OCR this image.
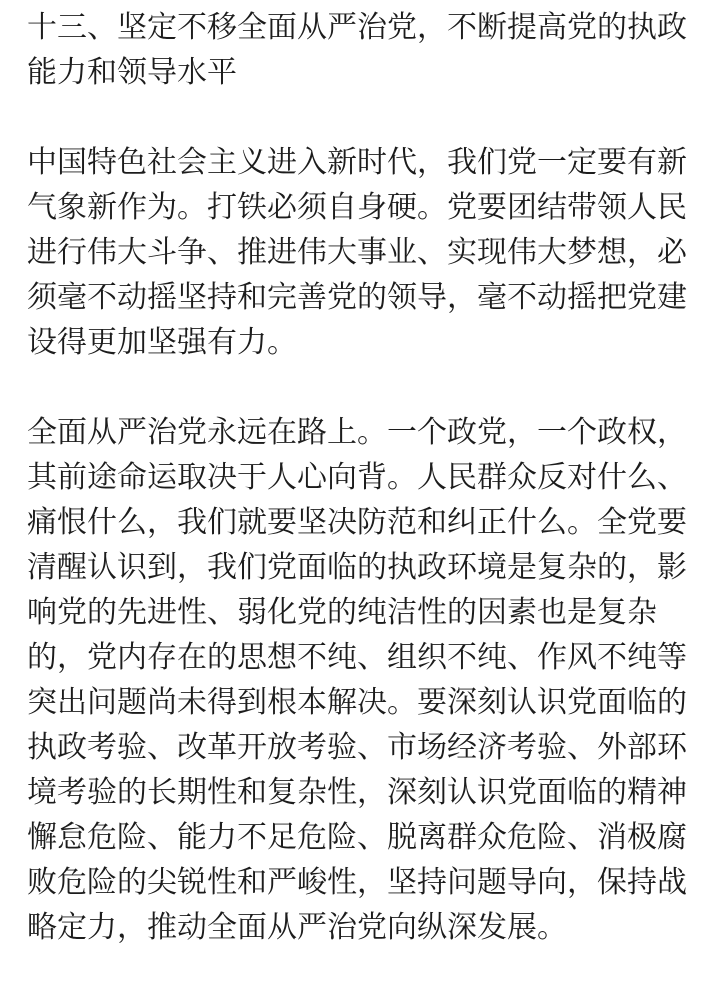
十三、坚定不移全面从严治党，不断提高党的执政
能力和领导水平
中国特色社会主义进入新时代，我们党一定要有新
气象新作为。打铁必须自身硬。党要团结带领人民
进行伟大斗争、推进伟大事业、实现伟大梦想，必
须毫不动摇坚持和完善党的领导，毫不动摇把党建
设得更加坚强有力。
全面从严治党永远在路上。一个政党，一个政权，
其前途命运取决于人心向背。人民群众反对什么、
痛恨什么，我们就要坚决防范和纠正什么。全党要
清醒认识到，我们党面临的执政环境是复杂的，影
响党的先进性、弱化党的纯洁性的因素也是复杂
的，党内存在的思想不纯、组织不纯、作风不纯等
突出问题尚未得到根本解决。要深刻认识党面临的
执政考验、改革开放考验、市场经济考验、外部环
境考验的长期性和复杂性，深刻认识党面临的精神
懈怠危险、能力不足危险、脱离群众危险、消极腐
败危险的尖锐性和严峻性，坚持问题导向，保持战
略定力，推动全面从严治党向纵深发展。
